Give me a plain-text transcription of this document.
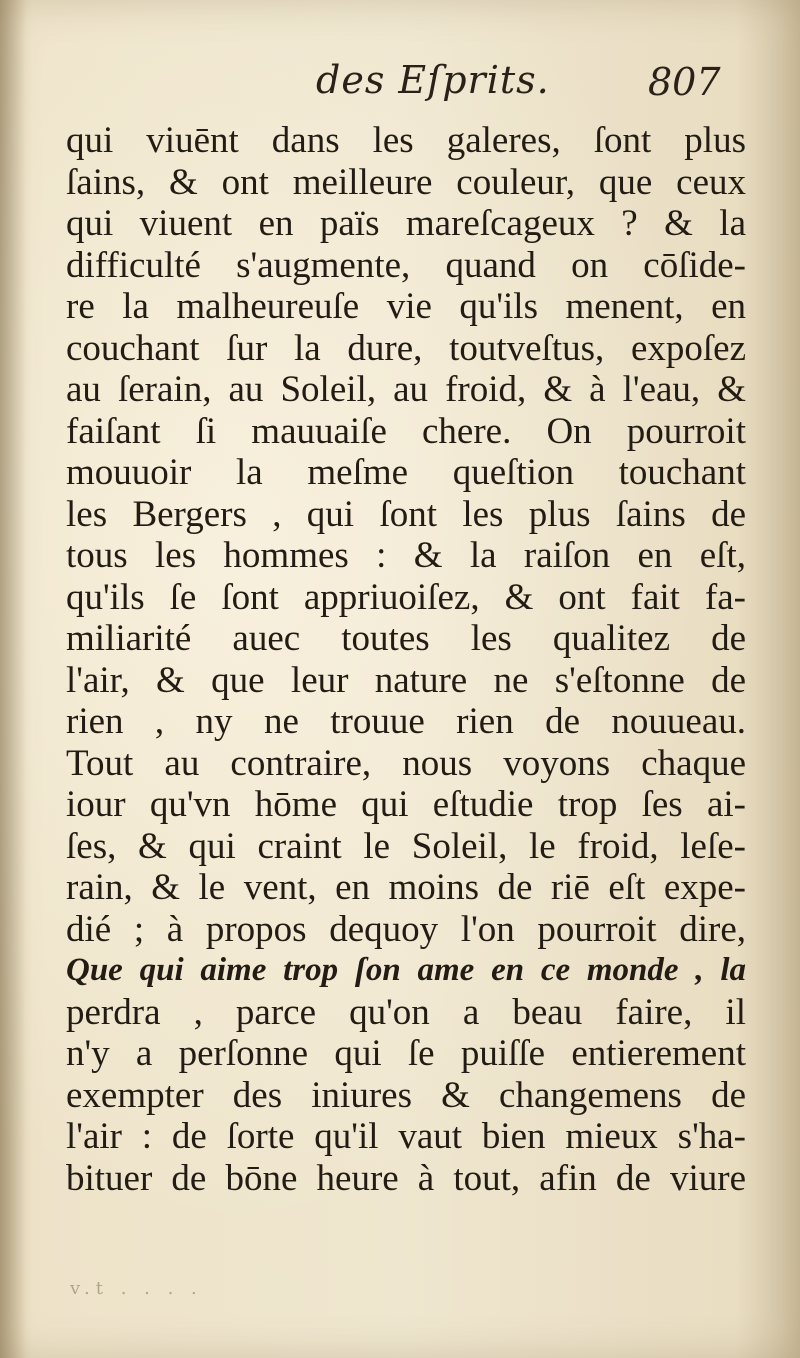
des Eſprits.	807
qui viuēnt dans les galeres, ſont plus
ſains, & ont meilleure couleur, que ceux
qui viuent en païs mareſcageux ? & la
difficulté s'augmente, quand on cōſide-
re la malheureuſe vie qu'ils menent, en
couchant ſur la dure, toutveſtus, expoſez
au ſerain, au Soleil, au froid, & à l'eau, &
faiſant ſi mauuaiſe chere. On pourroit
mouuoir la meſme queſtion touchant
les Bergers , qui ſont les plus ſains de
tous les hommes : & la raiſon en eſt,
qu'ils ſe ſont appriuoiſez, & ont fait fa-
miliarité auec toutes les qualitez de
l'air, & que leur nature ne s'eſtonne de
rien , ny ne trouue rien de nouueau.
Tout au contraire, nous voyons chaque
iour qu'vn hōme qui eſtudie trop ſes ai-
ſes, & qui craint le Soleil, le froid, leſe-
rain, & le vent, en moins de riē eſt expe-
dié ; à propos dequoy l'on pourroit dire,
Que qui aime trop ſon ame en ce monde , la
perdra , parce qu'on a beau faire, il
n'y a perſonne qui ſe puiſſe entierement
exempter des iniures & changemens de
l'air : de ſorte qu'il vaut bien mieux s'ha-
bituer de bōne heure à tout, afin de viure
v.t . . . .
